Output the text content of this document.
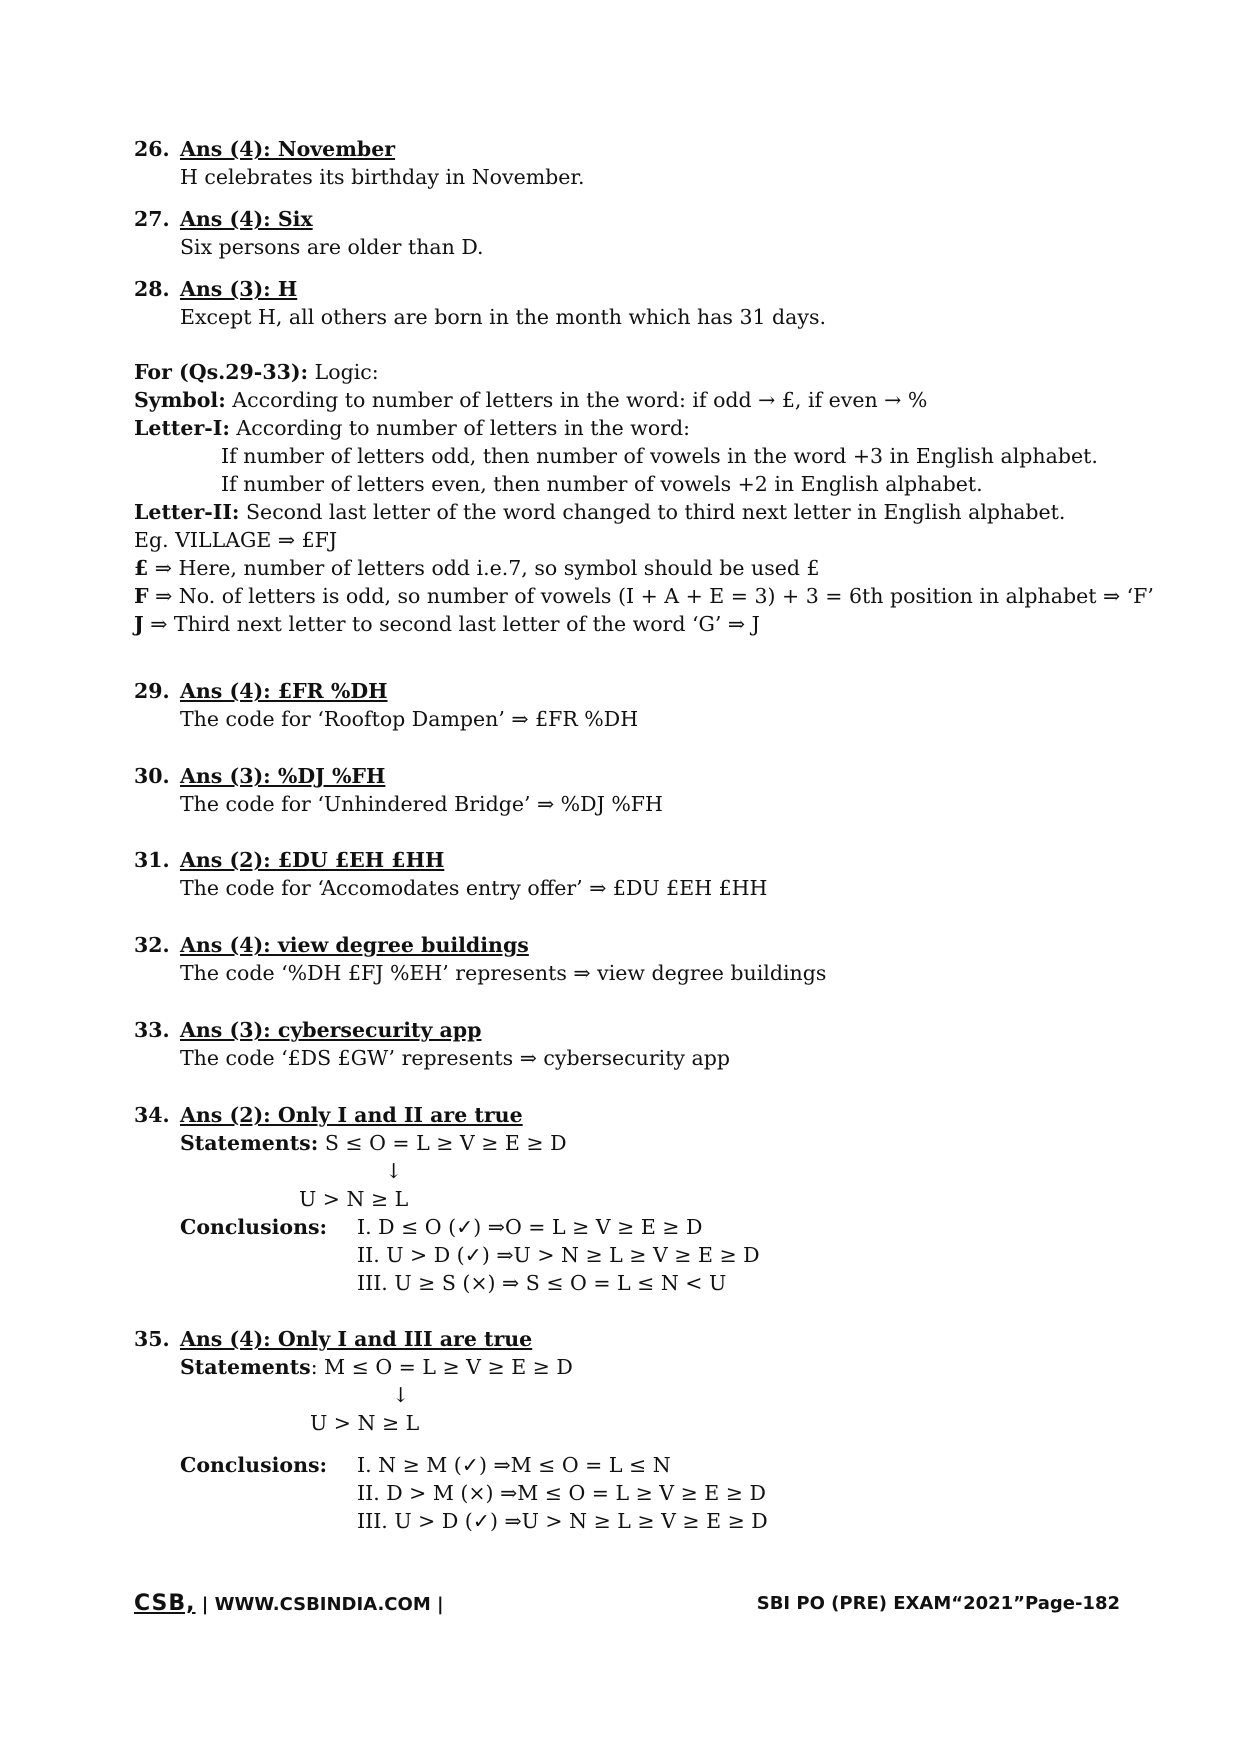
26. Ans (4): November
H celebrates its birthday in November.
27. Ans (4): Six
Six persons are older than D.
28. Ans (3): H
Except H, all others are born in the month which has 31 days.
For (Qs.29-33): Logic:
Symbol: According to number of letters in the word: if odd → £, if even → %
Letter-I: According to number of letters in the word:
If number of letters odd, then number of vowels in the word +3 in English alphabet.
If number of letters even, then number of vowels +2 in English alphabet.
Letter-II: Second last letter of the word changed to third next letter in English alphabet.
Eg. VILLAGE ⇒ £FJ
£ ⇒ Here, number of letters odd i.e.7, so symbol should be used £
F ⇒ No. of letters is odd, so number of vowels (I + A + E = 3) + 3 = 6th position in alphabet ⇒ ‘F’
J ⇒ Third next letter to second last letter of the word ‘G’ ⇒ J
29. Ans (4): £FR %DH
The code for ‘Rooftop Dampen’ ⇒ £FR %DH
30. Ans (3): %DJ %FH
The code for ‘Unhindered Bridge’ ⇒ %DJ %FH
31. Ans (2): £DU £EH £HH
The code for ‘Accomodates entry offer’ ⇒ £DU £EH £HH
32. Ans (4): view degree buildings
The code ‘%DH £FJ %EH’ represents ⇒ view degree buildings
33. Ans (3): cybersecurity app
The code ‘£DS £GW’ represents ⇒ cybersecurity app
34. Ans (2): Only I and II are true
Statements: S ≤ O = L ≥ V ≥ E ≥ D
↓
U > N ≥ L
Conclusions: I. D ≤ O (✓) ⇒O = L ≥ V ≥ E ≥ D
II. U > D (✓) ⇒U > N ≥ L ≥ V ≥ E ≥ D
III. U ≥ S (×) ⇒ S ≤ O = L ≤ N < U
35. Ans (4): Only I and III are true
Statements: M ≤ O = L ≥ V ≥ E ≥ D
↓
U > N ≥ L
Conclusions: I. N ≥ M (✓) ⇒M ≤ O = L ≤ N
II. D > M (×) ⇒M ≤ O = L ≥ V ≥ E ≥ D
III. U > D (✓) ⇒U > N ≥ L ≥ V ≥ E ≥ D
CSB, | WWW.CSBINDIA.COM |	SBI PO (PRE) EXAM“2021”Page-182
